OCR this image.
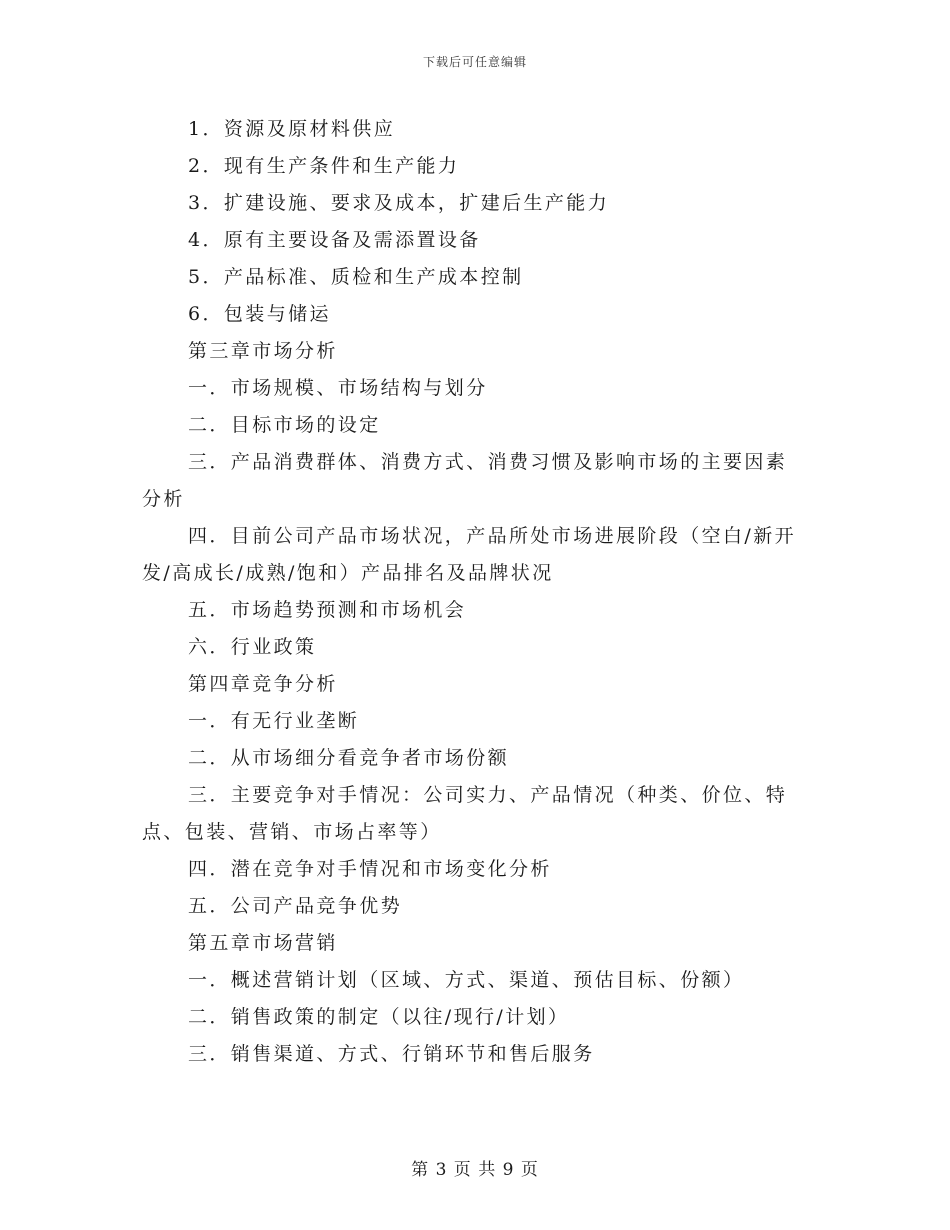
下载后可任意编辑
1．资源及原材料供应
2．现有生产条件和生产能力
3．扩建设施、要求及成本，扩建后生产能力
4．原有主要设备及需添置设备
5．产品标准、质检和生产成本控制
6．包装与储运
第三章市场分析
一．市场规模、市场结构与划分
二．目标市场的设定
三．产品消费群体、消费方式、消费习惯及影响市场的主要因素分析
四．目前公司产品市场状况，产品所处市场进展阶段（空白/新开发/高成长/成熟/饱和）产品排名及品牌状况
五．市场趋势预测和市场机会
六．行业政策
第四章竞争分析
一．有无行业垄断
二．从市场细分看竞争者市场份额
三．主要竞争对手情况：公司实力、产品情况（种类、价位、特点、包装、营销、市场占率等）
四．潜在竞争对手情况和市场变化分析
五．公司产品竞争优势
第五章市场营销
一．概述营销计划（区域、方式、渠道、预估目标、份额）
二．销售政策的制定（以往/现行/计划）
三．销售渠道、方式、行销环节和售后服务
第 3 页 共 9 页
